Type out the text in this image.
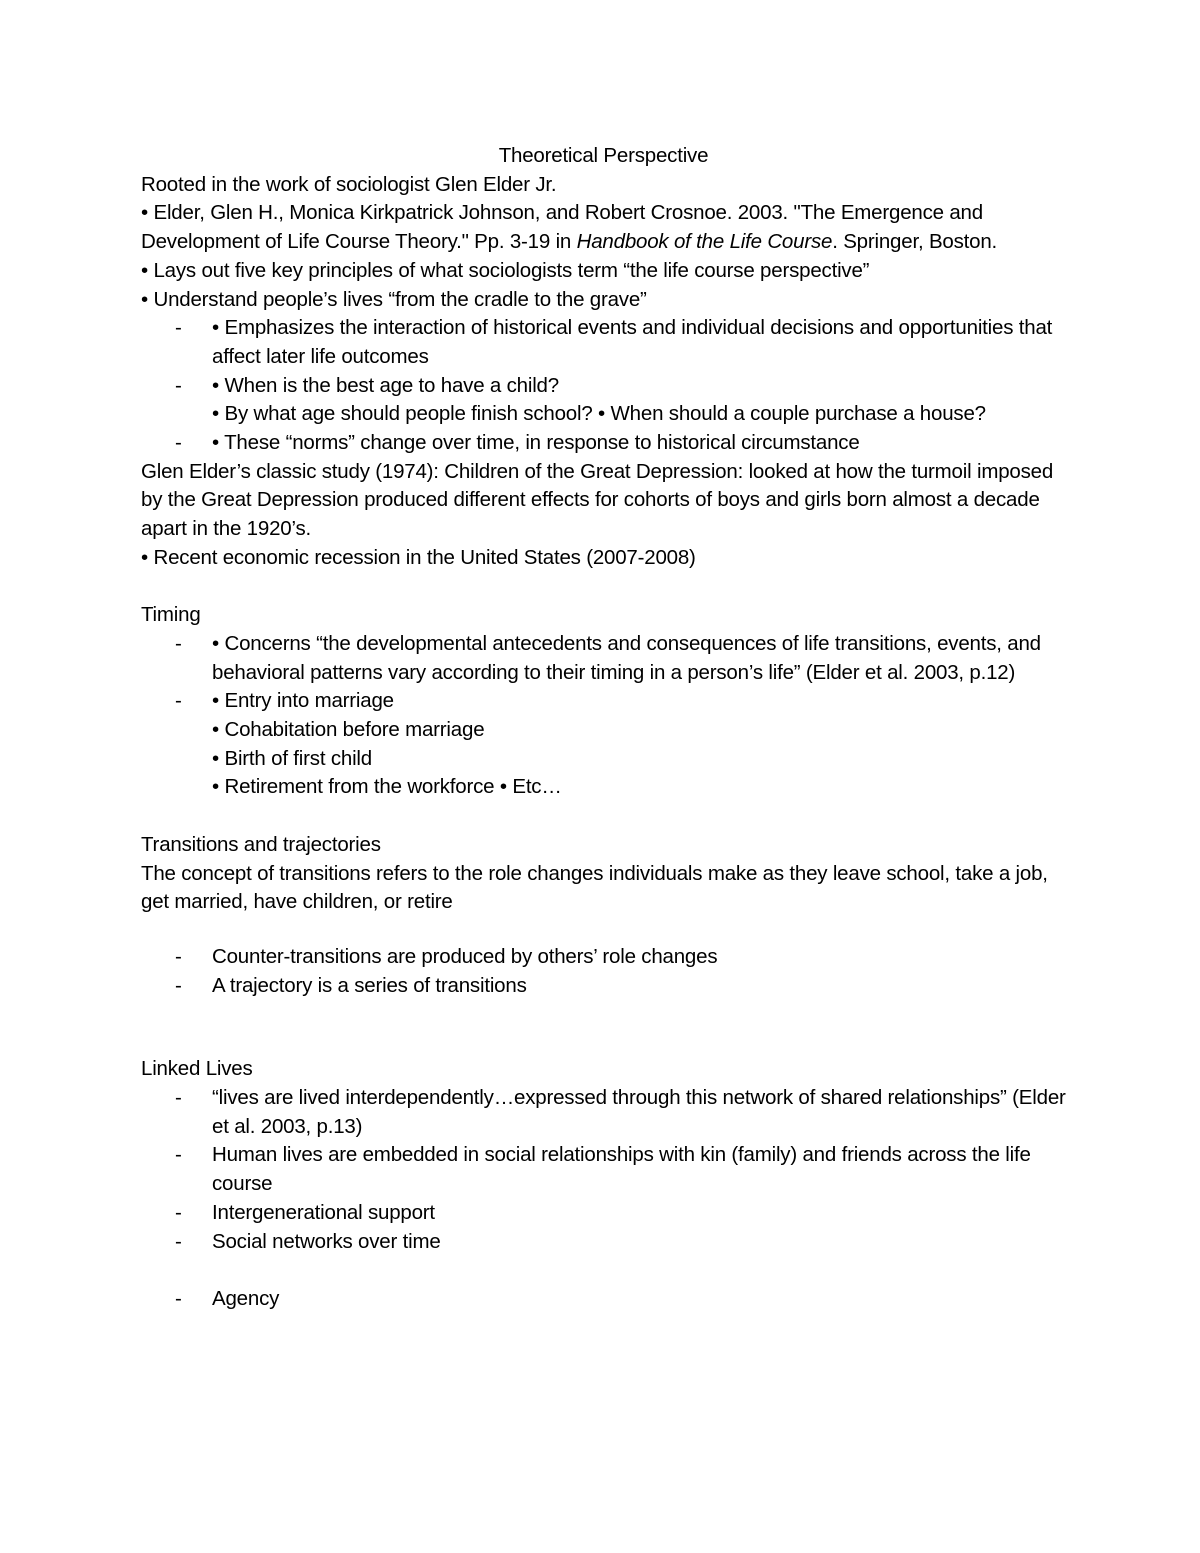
Theoretical Perspective

Rooted in the work of sociologist Glen Elder Jr.

• Elder, Glen H., Monica Kirkpatrick Johnson, and Robert Crosnoe. 2003. "The Emergence and Development of Life Course Theory." Pp. 3-19 in Handbook of the Life Course. Springer, Boston.

• Lays out five key principles of what sociologists term “the life course perspective”

• Understand people’s lives “from the cradle to the grave”

- • Emphasizes the interaction of historical events and individual decisions and opportunities that affect later life outcomes
- • When is the best age to have a child?

• By what age should people finish school? • When should a couple purchase a house?

- • These “norms” change over time, in response to historical circumstance

Glen Elder’s classic study (1974): Children of the Great Depression: looked at how the turmoil imposed by the Great Depression produced different effects for cohorts of boys and girls born almost a decade apart in the 1920’s.

• Recent economic recession in the United States (2007-2008)

Timing

- • Concerns “the developmental antecedents and consequences of life transitions, events, and behavioral patterns vary according to their timing in a person’s life” (Elder et al. 2003, p.12)
- • Entry into marriage

• Cohabitation before marriage

• Birth of first child

• Retirement from the workforce • Etc…

Transitions and trajectories

The concept of transitions refers to the role changes individuals make as they leave school, take a job, get married, have children, or retire

- Counter-transitions are produced by others’ role changes
- A trajectory is a series of transitions

Linked Lives

- “lives are lived interdependently…expressed through this network of shared relationships” (Elder et al. 2003, p.13)
- Human lives are embedded in social relationships with kin (family) and friends across the life course
- Intergenerational support
- Social networks over time
- Agency
